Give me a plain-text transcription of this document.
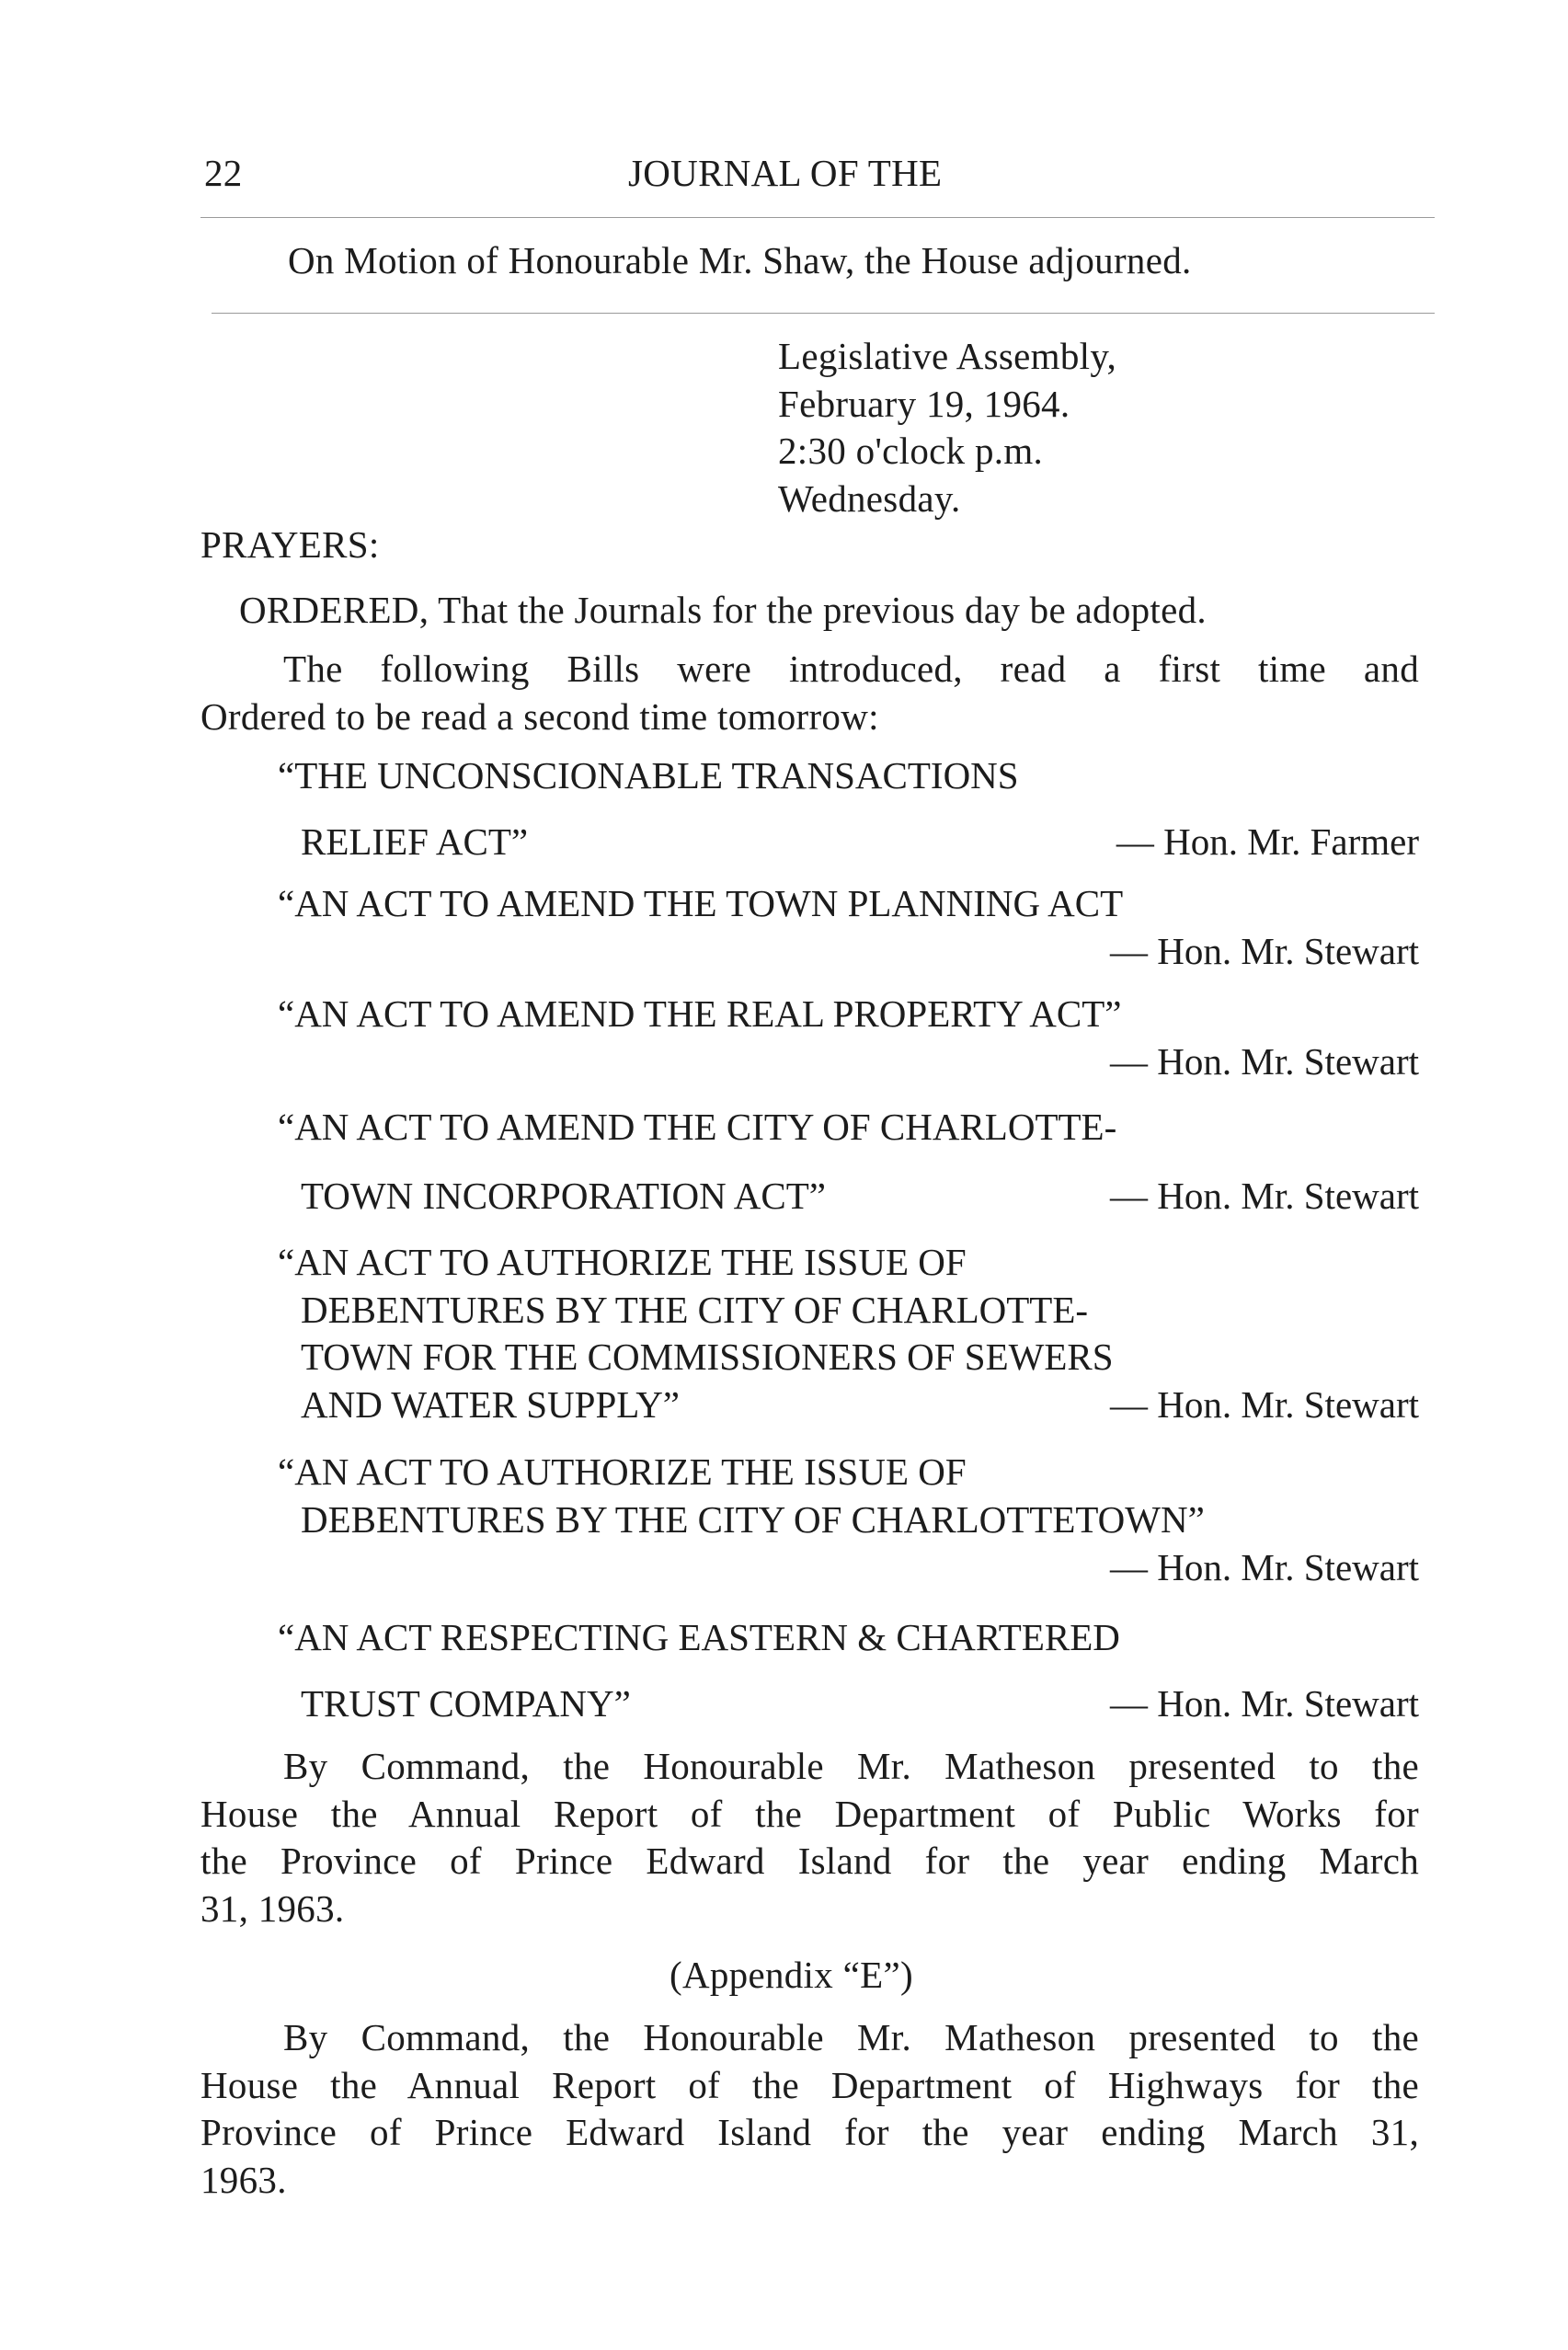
22	JOURNAL OF THE
On Motion of Honourable Mr. Shaw, the House adjourned.
Legislative Assembly,
February 19, 1964.
2:30 o'clock p.m.
Wednesday.
PRAYERS:
ORDERED, That the Journals for the previous day be adopted.
The following Bills were introduced, read a first time and
Ordered to be read a second time tomorrow:
“THE UNCONSCIONABLE TRANSACTIONS
RELIEF ACT”	— Hon. Mr. Farmer
“AN ACT TO AMEND THE TOWN PLANNING ACT
— Hon. Mr. Stewart
“AN ACT TO AMEND THE REAL PROPERTY ACT”
— Hon. Mr. Stewart
“AN ACT TO AMEND THE CITY OF CHARLOTTE-
TOWN INCORPORATION ACT”	— Hon. Mr. Stewart
“AN ACT TO AUTHORIZE THE ISSUE OF
DEBENTURES BY THE CITY OF CHARLOTTE-
TOWN FOR THE COMMISSIONERS OF SEWERS
AND WATER SUPPLY”	— Hon. Mr. Stewart
“AN ACT TO AUTHORIZE THE ISSUE OF
DEBENTURES BY THE CITY OF CHARLOTTETOWN”
— Hon. Mr. Stewart
“AN ACT RESPECTING EASTERN & CHARTERED
TRUST COMPANY”	— Hon. Mr. Stewart
By Command, the Honourable Mr. Matheson presented to the
House the Annual Report of the Department of Public Works for
the Province of Prince Edward Island for the year ending March
31, 1963.
(Appendix “E”)
By Command, the Honourable Mr. Matheson presented to the
House the Annual Report of the Department of Highways for the
Province of Prince Edward Island for the year ending March 31,
1963.
